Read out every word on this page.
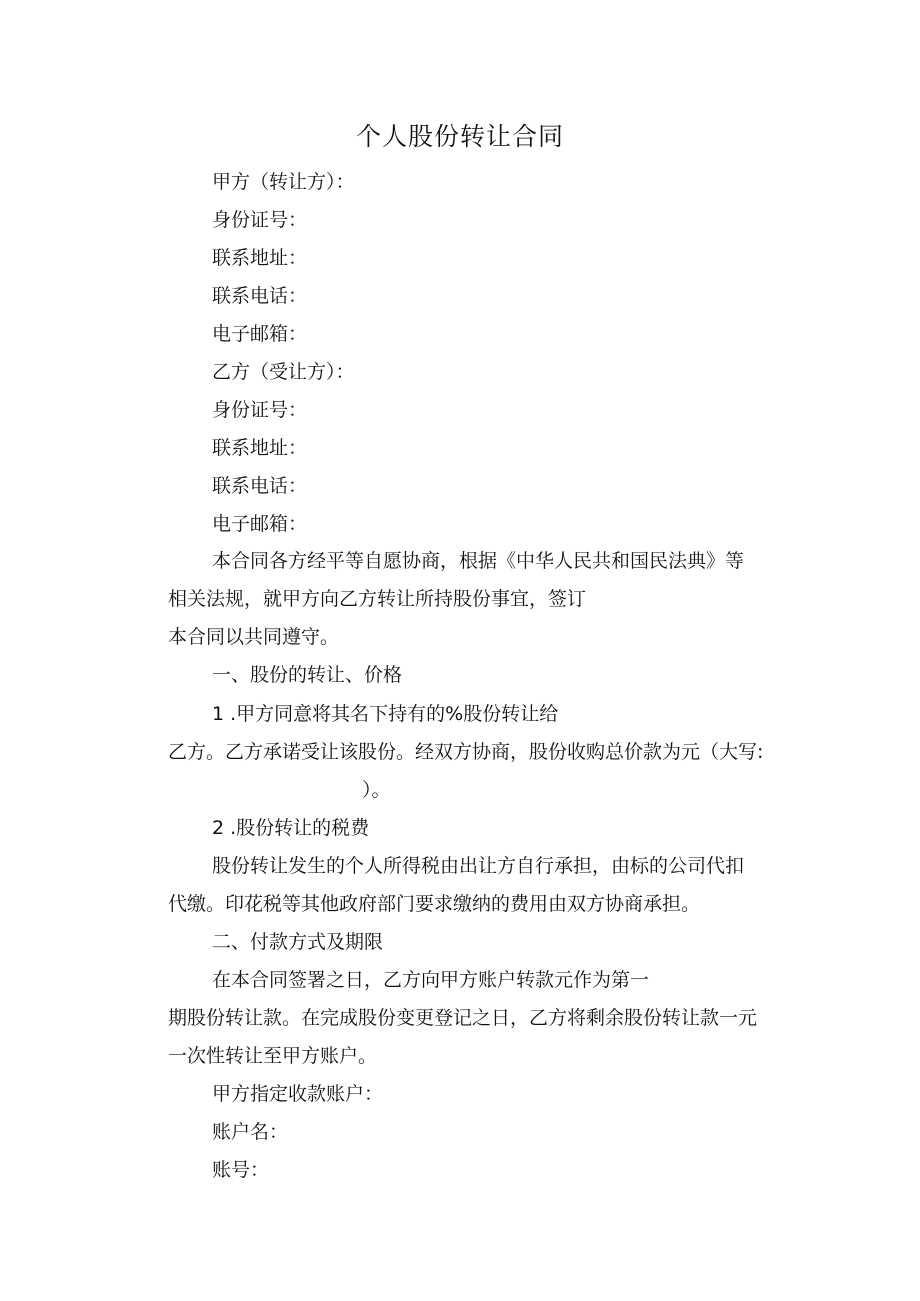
个人股份转让合同
甲方（转让方）：
身份证号：
联系地址：
联系电话：
电子邮箱：
乙方（受让方）：
身份证号：
联系地址：
联系电话：
电子邮箱：
本合同各方经平等自愿协商，根据《中华人民共和国民法典》等
相关法规，就甲方向乙方转让所持股份事宜，签订
本合同以共同遵守。
一、股份的转让、价格
1 .甲方同意将其名下持有的%股份转让给
乙方。乙方承诺受让该股份。经双方协商，股份收购总价款为元（大写:
）。
2 .股份转让的税费
股份转让发生的个人所得税由出让方自行承担，由标的公司代扣
代缴。印花税等其他政府部门要求缴纳的费用由双方协商承担。
二、付款方式及期限
在本合同签署之日，乙方向甲方账户转款元作为第一
期股份转让款。在完成股份变更登记之日，乙方将剩余股份转让款一元
一次性转让至甲方账户。
甲方指定收款账户：
账户名：
账号：
